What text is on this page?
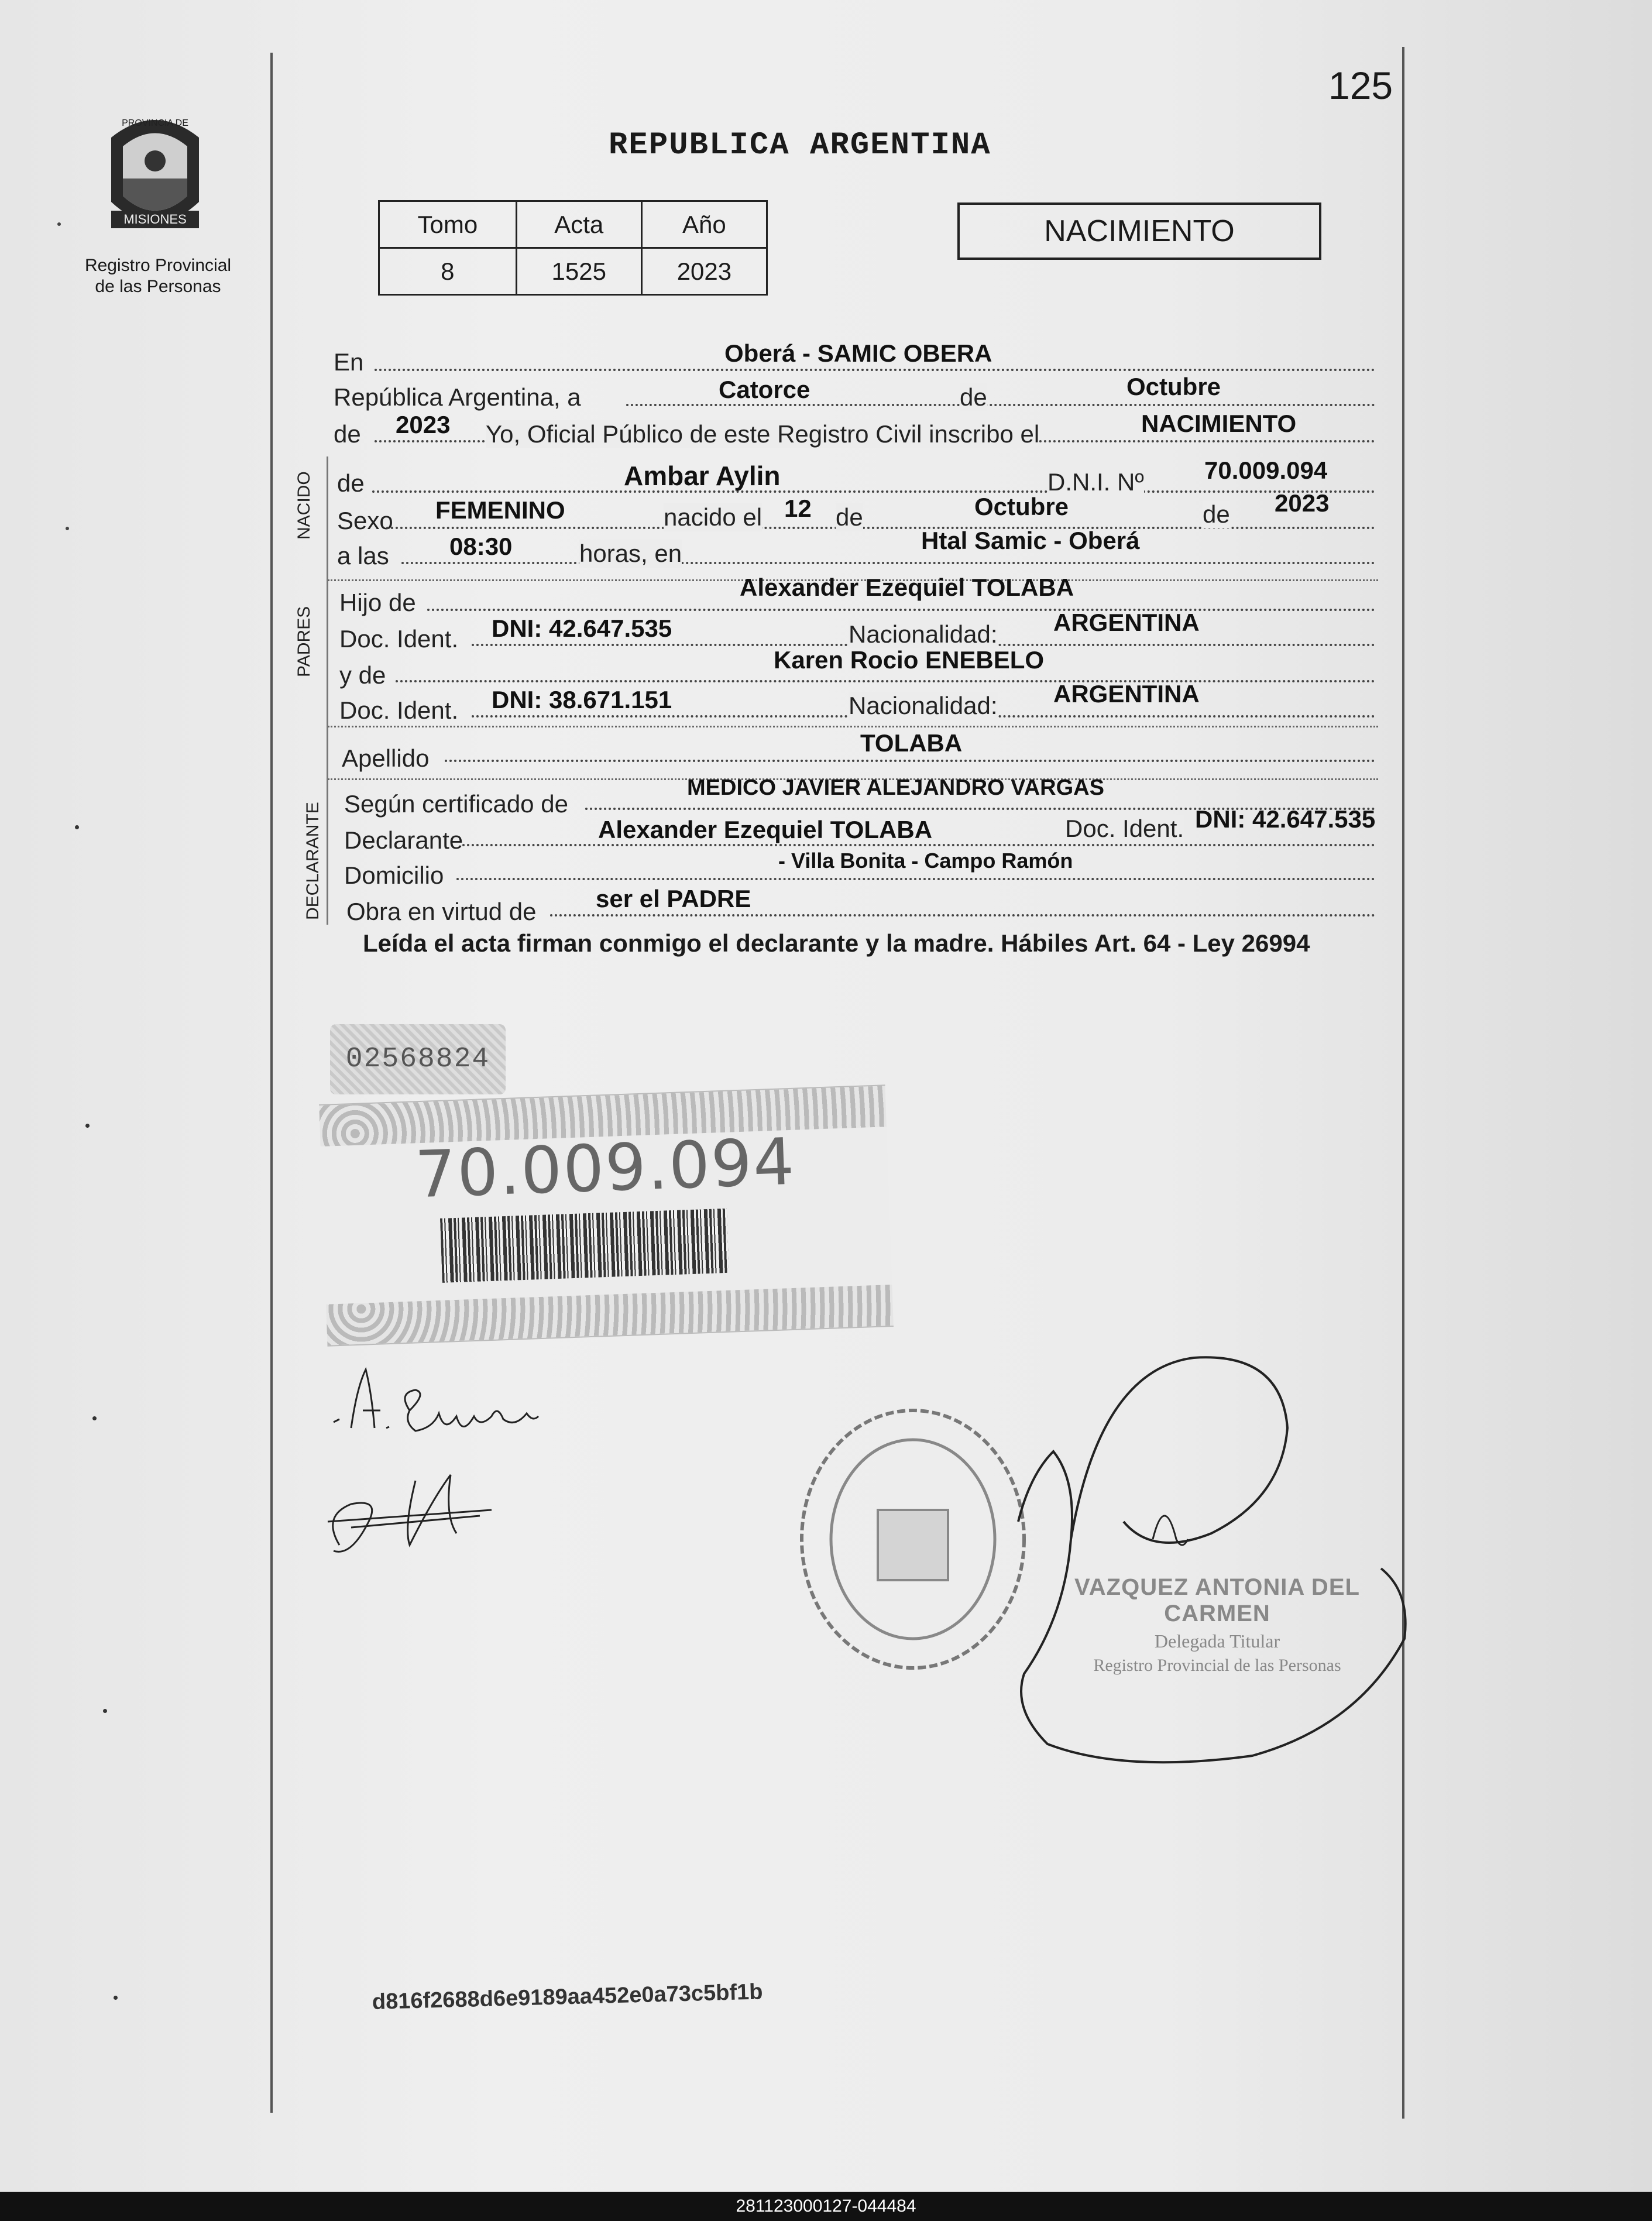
MISIONES
PROVINCIA DE
Registro Provincial
de las Personas
125
REPUBLICA ARGENTINA
Tomo	Acta	Año
8	1525	2023
NACIMIENTO
En	Oberá - SAMIC OBERA
República Argentina, a	Catorce	de	Octubre
de 2023 Yo, Oficial Público de este Registro Civil inscribo el	NACIMIENTO
NACIDO de	Ambar Aylin	D.N.I. Nº 70.009.094
Sexo FEMENINO	nacido el 12 de	Octubre	de 2023
a las 08:30	horas, en	Htal Samic - Oberá
PADRES
Hijo de
Alexander Ezequiel TOLABA
Doc. Ident. DNI: 42.647.535	Nacionalidad: ARGENTINA
y de
Karen Rocio ENEBELO
Doc. Ident. DNI: 38.671.151	Nacionalidad: ARGENTINA
Apellido
TOLABA
DECLARANTE Según certificado de
MEDICO JAVIER ALEJANDRO VARGAS
Declarante	Alexander Ezequiel TOLABA	Doc. Ident. DNI: 42.647.535
Domicilio
- Villa Bonita - Campo Ramón
Obra en virtud de ser el PADRE
Leída el acta firman conmigo el declarante y la madre. Hábiles Art. 64 - Ley 26994
02568824
70.009.094
VAZQUEZ ANTONIA DEL CARMEN
Delegada Titular
Registro Provincial de las Personas
d816f2688d6e9189aa452e0a73c5bf1b
281123000127-044484
